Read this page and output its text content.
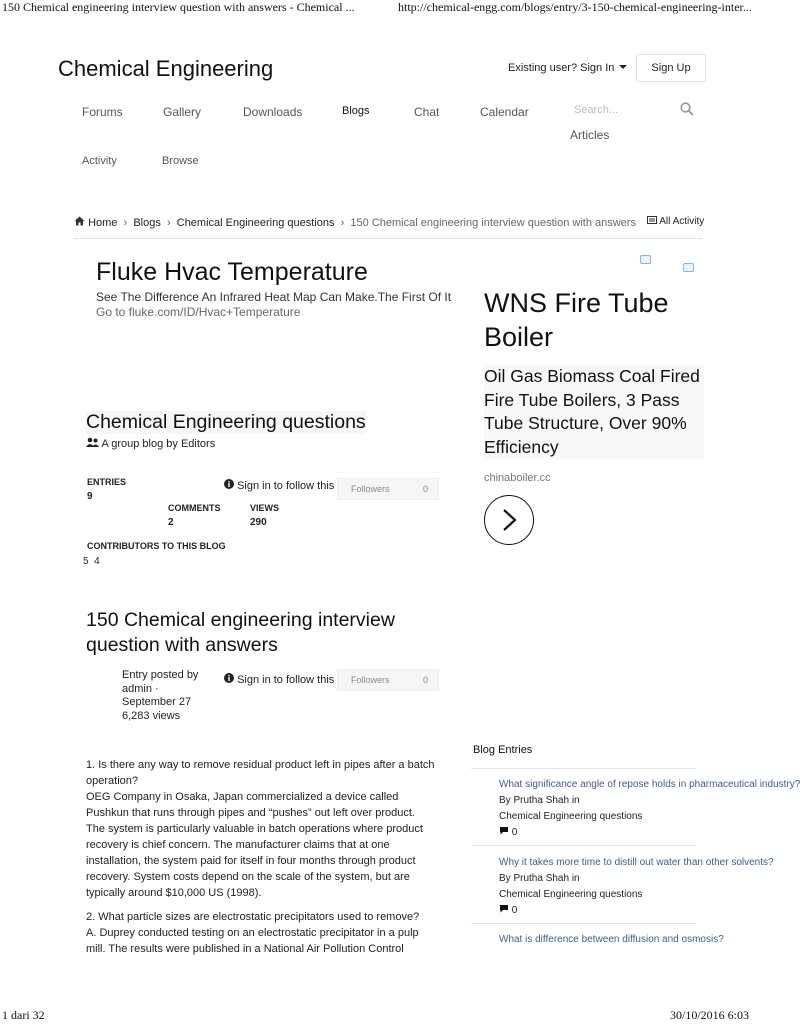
150 Chemical engineering interview question with answers - Chemical ...	http://chemical-engg.com/blogs/entry/3-150-chemical-engineering-inter...
Chemical Engineering	Existing user? Sign In	Sign Up
Forums	Gallery	Downloads	Blogs	Chat	Calendar	Search...
Articles
Activity	Browse
Home  ›  Blogs  ›  Chemical Engineering questions  ›  150 Chemical engineering interview question with answers	All Activity
Fluke Hvac Temperature
See The Difference An Infrared Heat Map Can Make.The First Of It
Go to fluke.com/ID/Hvac+Temperature	WNS Fire Tube Boiler
Oil Gas Biomass Coal Fired Fire Tube Boilers, 3 Pass Tube Structure, Over 90% Efficiency
chinaboiler.cc
Chemical Engineering questions
A group blog by Editors
ENTRIES
9
Sign in to follow this Followers	0
COMMENTS
2
VIEWS
290
CONTRIBUTORS TO THIS BLOG
5  4
150 Chemical engineering interview question with answers
Entry posted by admin · September 27
6,283 views
Sign in to follow this Followers	0
1. Is there any way to remove residual product left in pipes after a batch operation?
OEG Company in Osaka, Japan commercialized a device called Pushkun that runs through pipes and “pushes” out left over product. The system is particularly valuable in batch operations where product recovery is chief concern. The manufacturer claims that at one installation, the system paid for itself in four months through product recovery. System costs depend on the scale of the system, but are typically around $10,000 US (1998).
2. What particle sizes are electrostatic precipitators used to remove?
A. Duprey conducted testing on an electrostatic precipitator in a pulp mill. The results were published in a National Air Pollution Control
Blog Entries
What significance angle of repose holds in pharmaceutical industry?
By Prutha Shah in
Chemical Engineering questions
0
Why it takes more time to distill out water than other solvents?
By Prutha Shah in
Chemical Engineering questions
0
What is difference between diffusion and osmosis?
1 dari 32	30/10/2016 6:03
